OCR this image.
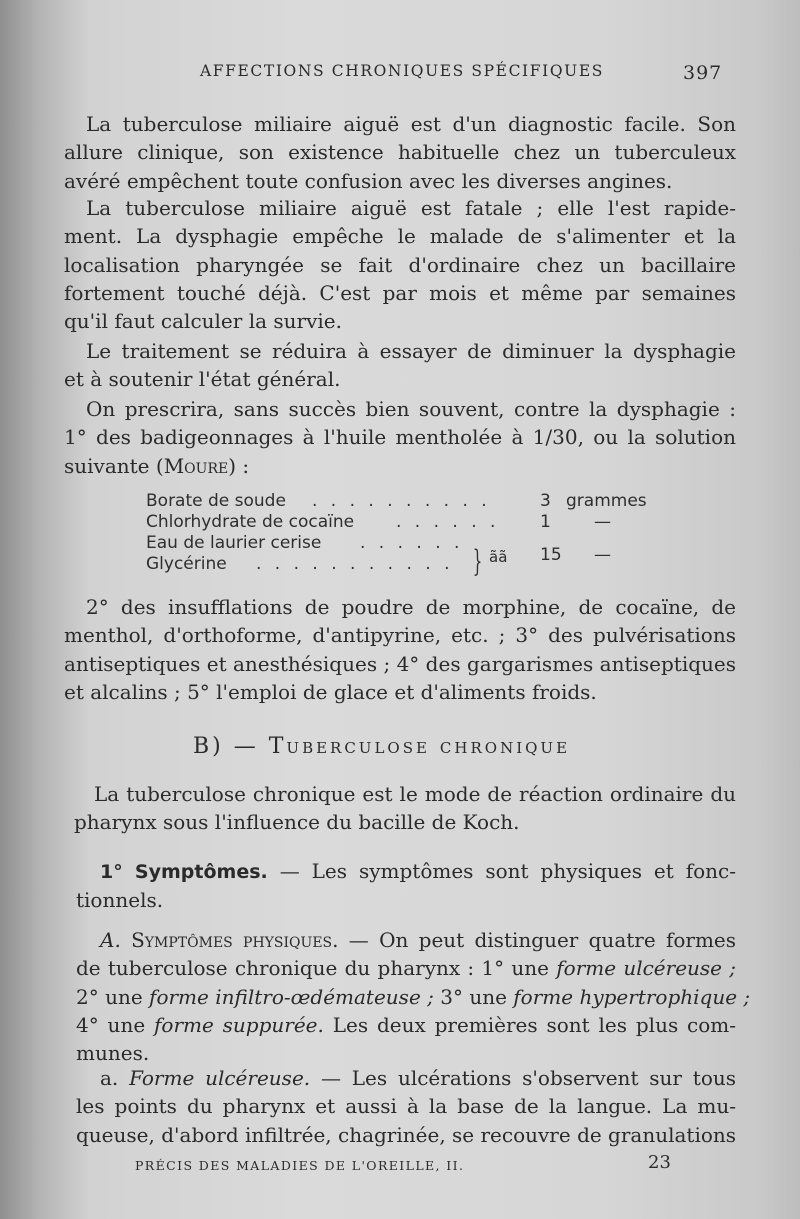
AFFECTIONS CHRONIQUES SPÉCIFIQUES	397
La tuberculose miliaire aiguë est d'un diagnostic facile. Son
allure clinique, son existence habituelle chez un tuberculeux
avéré empêchent toute confusion avec les diverses angines.
La tuberculose miliaire aiguë est fatale ; elle l'est rapide-
ment. La dysphagie empêche le malade de s'alimenter et la
localisation pharyngée se fait d'ordinaire chez un bacillaire
fortement touché déjà. C'est par mois et même par semaines
qu'il faut calculer la survie.
Le traitement se réduira à essayer de diminuer la dysphagie
et à soutenir l'état général.
On prescrira, sans succès bien souvent, contre la dysphagie :
1° des badigeonnages à l'huile mentholée à 1/30, ou la solution
suivante (Moure) :
Borate de soude . . . . . . . . . .	3 grammes
Chlorhydrate de cocaïne . . . . . . 1	—
Eau de laurier cerise . . . . . .
Glycérine . . . . . . . . . . . } ãã 15 —
2° des insufflations de poudre de morphine, de cocaïne, de
menthol, d'orthoforme, d'antipyrine, etc. ; 3° des pulvérisations
antiseptiques et anesthésiques ; 4° des gargarismes antiseptiques
et alcalins ; 5° l'emploi de glace et d'aliments froids.
B) — Tuberculose chronique
La tuberculose chronique est le mode de réaction ordinaire du
pharynx sous l'influence du bacille de Koch.
1° Symptômes. — Les symptômes sont physiques et fonc-
tionnels.
A. Symptômes physiques. — On peut distinguer quatre formes
de tuberculose chronique du pharynx : 1° une forme ulcéreuse ;
2° une forme infiltro-œdémateuse ; 3° une forme hypertrophique ;
4° une forme suppurée. Les deux premières sont les plus com-
munes.
a. Forme ulcéreuse. — Les ulcérations s'observent sur tous
les points du pharynx et aussi à la base de la langue. La mu-
queuse, d'abord infiltrée, chagrinée, se recouvre de granulations
PRÉCIS DES MALADIES DE L'OREILLE, II.	23
